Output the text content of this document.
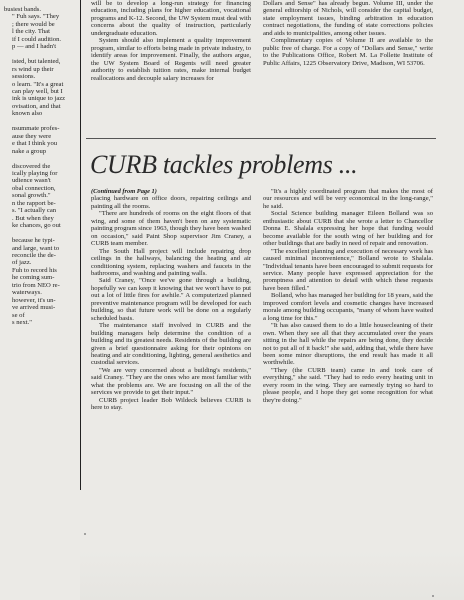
busiest bands.

" Fuh says. "They

; there would be

l the city. That

if I could audition.

p — and I hadn't

isted, but talented,

rs wind up their

sessions.

o learn. "It's a great

can play well, but I

ink is unique to jazz

ovisation, and that

known also

nsummate profes-

ause they were

e that I think you

nake a group

discovered the

ically playing for

udience wasn't

obal connection,

sonal growth."

n the rapport be-

s. "I actually can

. But when they

ke chances, go out

because he typi-

and large, want to

reconcile the de-

of jazz.

Fuh to record his

he coming sum-

trio from NEO re-

waterways.

however, it's un-

ve arrived musi-

se of

s next."

will be to develop a long-run strategy for financing education, including plans for higher education, vocational programs and K-12. Second, the UW System must deal with concerns about the quality of instruction, particularly undergraduate education.

System should also implement a quality improvement program, similar to efforts being made in private industry, to identify areas for improvement. Finally, the authors argue, the UW System Board of Regents will need greater authority to establish tuition rates, make internal budget reallocations and decouple salary increases for

Dollars and Sense" has already begun. Volume III, under the general editorship of Nichols, will consider the capital budget, state employment issues, binding arbitration in education contract negotiations, the funding of state corrections policies and aids to municipalities, among other issues.

Complimentary copies of Volume II are available to the public free of charge. For a copy of "Dollars and Sense," write to the Publications Office, Robert M. La Follette Institute of Public Affairs, 1225 Observatory Drive, Madison, WI 53706.

CURB tackles problems ...

(Continued from Page 1)

placing hardware on office doors, repairing ceilings and painting all the rooms.

"There are hundreds of rooms on the eight floors of that wing, and some of them haven't been on any systematic painting program since 1963, though they have been washed on occasion," said Paint Shop supervisor Jim Craney, a CURB team member.

The South Hall project will include repairing drop ceilings in the hallways, balancing the heating and air conditioning system, replacing washers and faucets in the bathrooms, and washing and painting walls.

Said Craney, "Once we've gone through a building, hopefully we can keep it knowing that we won't have to put out a lot of little fires for awhile." A computerized planned preventive maintenance program will be developed for each building, so that future work will be done on a regularly scheduled basis.

The maintenance staff involved in CURB and the building managers help determine the condition of a building and its greatest needs. Residents of the building are given a brief questionnaire asking for their opinions on heating and air conditioning, lighting, general aesthetics and custodial services.

"We are very concerned about a building's residents," said Craney. "They are the ones who are most familiar with what the problems are. We are focusing on all the of the services we provide to get their input."

CURB project leader Bob Wildeck believes CURB is here to stay.

"It's a highly coordinated program that makes the most of our resources and will be very economical in the long-range," he said.

Social Science building manager Eileen Bolland was so enthusiastic about CURB that she wrote a letter to Chancellor Donna E. Shalala expressing her hope that funding would become available for the south wing of her building and for other buildings that are badly in need of repair and renovation.

"The excellent planning and execution of necessary work has caused minimal inconvenience," Bolland wrote to Shalala. "Individual tenants have been encouraged to submit requests for service. Many people have expressed appreciation for the promptness and attention to detail with which these requests have been filled."

Bolland, who has managed her building for 18 years, said the improved comfort levels and cosmetic changes have increased morale among building occupants, "many of whom have waited a long time for this."

"It has also caused them to do a little housecleaning of their own. When they see all that they accumulated over the years sitting in the hall while the repairs are being done, they decide not to put all of it back!" she said, adding that, while there have been some minor disruptions, the end result has made it all worthwhile.

"They (the CURB team) came in and took care of everything," she said. "They had to redo every heating unit in every room in the wing. They are earnestly trying so hard to please people, and I hope they get some recognition for what they're doing."
